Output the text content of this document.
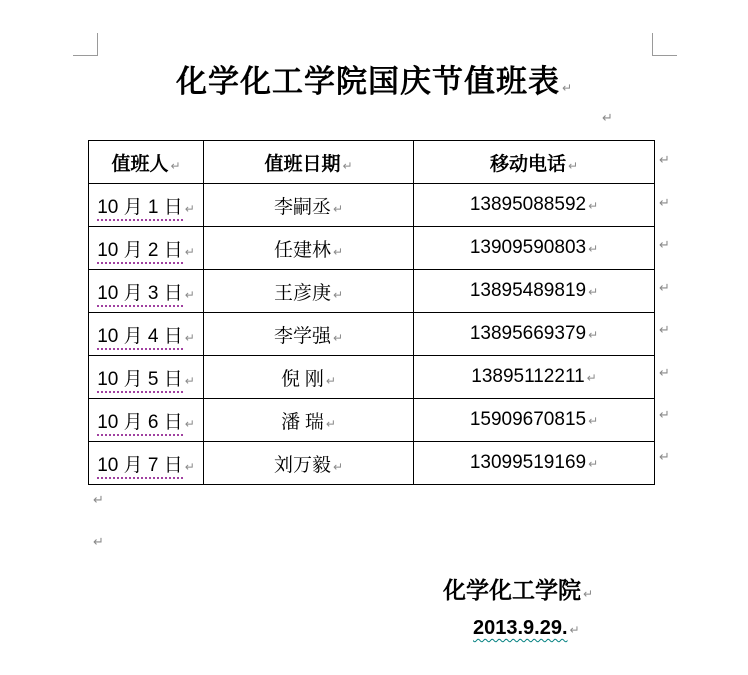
化学化工学院国庆节值班表 ↵
↵
值班人 ↵	值班日期 ↵	移动电话 ↵
10 月 1 日 ↵	李嗣丞 ↵	13895088592 ↵
10 月 2 日 ↵	任建林 ↵	13909590803 ↵
10 月 3 日 ↵	王彦庚 ↵	13895489819 ↵
10 月 4 日 ↵	李学强 ↵	13895669379 ↵
10 月 5 日 ↵	倪 刚 ↵	13895112211 ↵
10 月 6 日 ↵	潘 瑞 ↵	15909670815 ↵
10 月 7 日 ↵	刘万毅 ↵	13099519169 ↵
↵
↵
↵
↵
↵
↵
↵
↵
↵
↵
化学化工学院 ↵
2013.9.29. ↵
